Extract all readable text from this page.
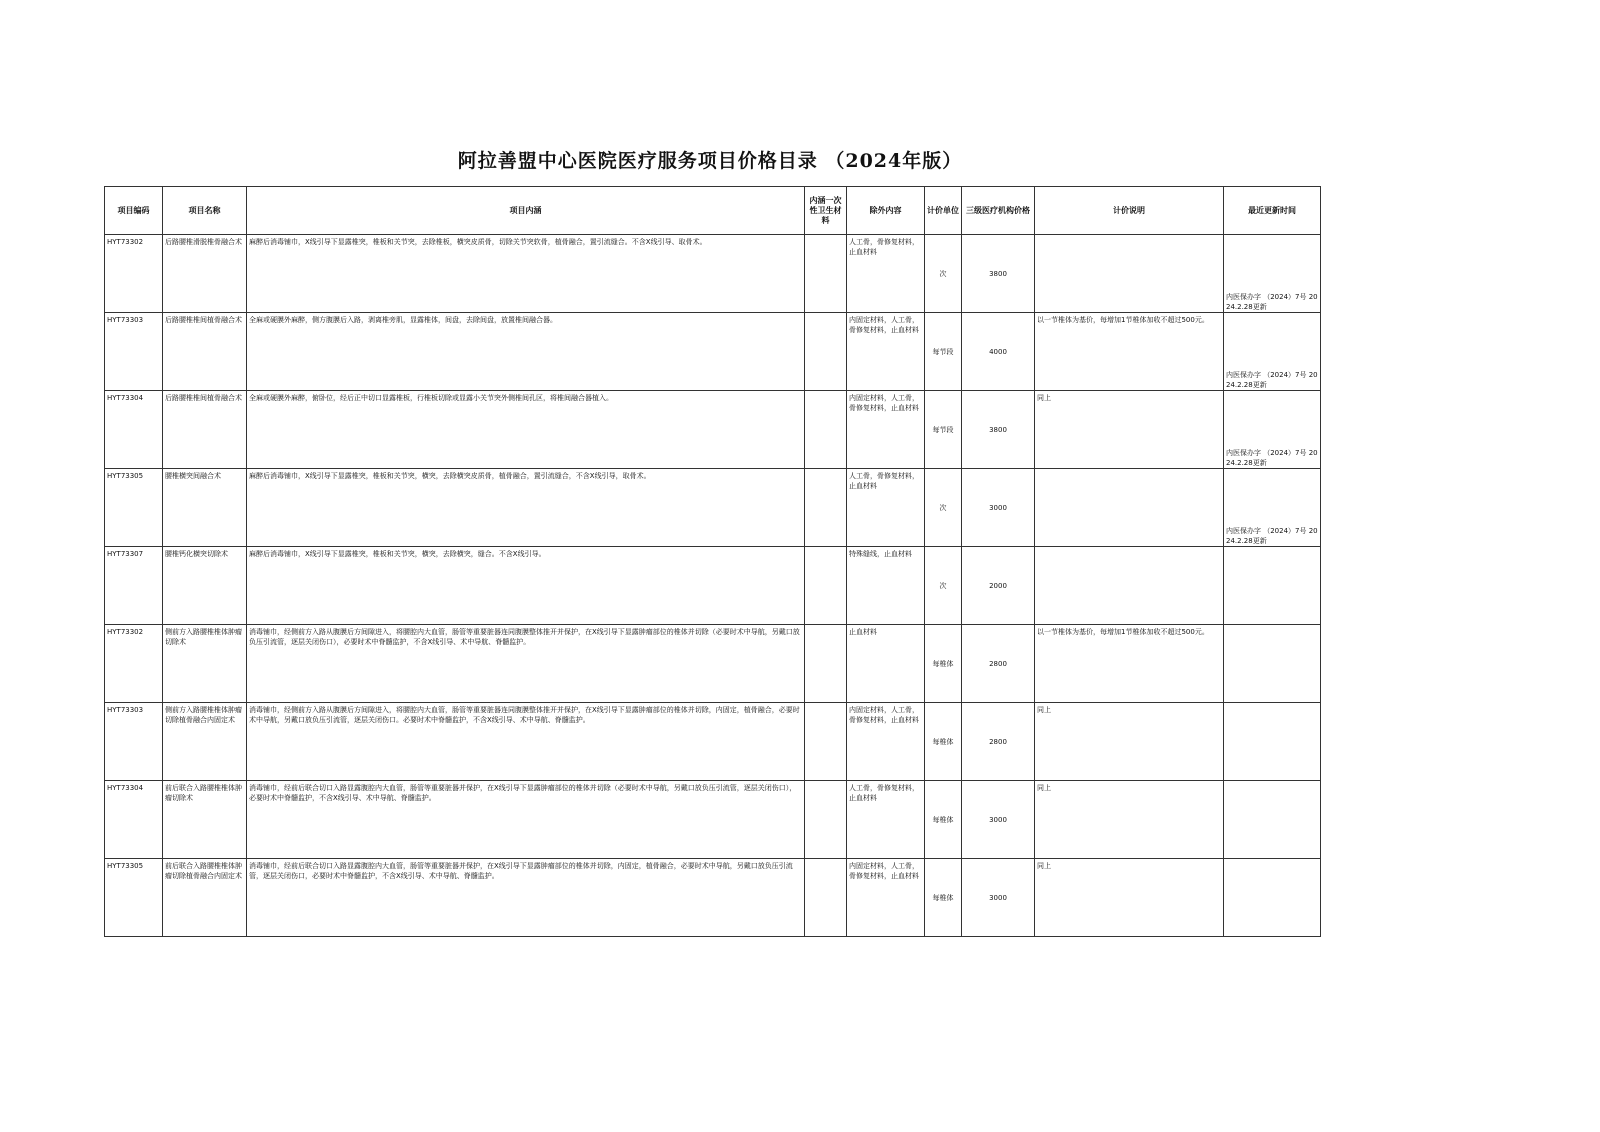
阿拉善盟中心医院医疗服务项目价格目录 （2024年版）
项目编码	项目名称	项目内涵	内涵一次性卫生材料	除外内容	计价单位	三级医疗机构价格	计价说明	最近更新时间
HYT73302	后路腰椎滑脱椎骨融合术	麻醉后消毒铺巾，X线引导下显露椎突，椎板和关节突，去除椎板，横突皮质骨，切除关节突软骨，植骨融合，置引流缝合。不含X线引导、取骨术。		人工骨，骨修复材料，止血材料	次	3800		内医保办字 （2024）7号 2024.2.28更新
HYT73303	后路腰椎椎间植骨融合术	全麻或硬膜外麻醉，侧方腹膜后入路，剥离椎旁肌，显露椎体，间盘，去除间盘，放置椎间融合器。		内固定材料，人工骨，骨修复材料，止血材料	每节段	4000	以一节椎体为基价，每增加1节椎体加收不超过500元。	内医保办字 （2024）7号 2024.2.28更新
HYT73304	后路腰椎椎间植骨融合术	全麻或硬膜外麻醉，俯卧位，经后正中切口显露椎板，行椎板切除或显露小关节突外侧椎间孔区，将椎间融合器植入。		内固定材料，人工骨，骨修复材料，止血材料	每节段	3800	同上	内医保办字 （2024）7号 2024.2.28更新
HYT73305	腰椎横突间融合术	麻醉后消毒铺巾，X线引导下显露椎突，椎板和关节突，横突，去除横突皮质骨，植骨融合，置引流缝合，不含X线引导，取骨术。		人工骨，骨修复材料，止血材料	次	3000		内医保办字 （2024）7号 2024.2.28更新
HYT73307	腰椎钙化横突切除术	麻醉后消毒铺巾，X线引导下显露椎突，椎板和关节突，横突，去除横突，缝合。不含X线引导。		特殊缝线，止血材料	次	2000		
HYT73302	侧前方入路腰椎椎体肿瘤切除术	消毒铺巾，经侧前方入路从腹膜后方间隙进入，将腰腔内大血管，肠管等重要脏器连同腹膜整体推开并保护，在X线引导下显露肿瘤部位的椎体并切除（必要时术中导航，另戴口放负压引流管，逐层关闭伤口），必要时术中脊髓监护，不含X线引导、术中导航、脊髓监护。		止血材料	每椎体	2800	以一节椎体为基价，每增加1节椎体加收不超过500元。	
HYT73303	侧前方入路腰椎椎体肿瘤切除植骨融合内固定术	消毒铺巾，经侧前方入路从腹膜后方间隙进入，将腰腔内大血管，肠管等重要脏器连同腹膜整体推开并保护，在X线引导下显露肿瘤部位的椎体并切除，内固定，植骨融合，必要时术中导航，另戴口放负压引流管，逐层关闭伤口。必要时术中脊髓监护，不含X线引导、术中导航、脊髓监护。		内固定材料，人工骨，骨修复材料，止血材料	每椎体	2800	同上	
HYT73304	前后联合入路腰椎椎体肿瘤切除术	消毒铺巾，经前后联合切口入路显露腹腔内大血管，肠管等重要脏器并保护，在X线引导下显露肿瘤部位的椎体并切除（必要时术中导航，另戴口放负压引流管，逐层关闭伤口），必要时术中脊髓监护，不含X线引导、术中导航、脊髓监护。		人工骨，骨修复材料，止血材料	每椎体	3000	同上	
HYT73305	前后联合入路腰椎椎体肿瘤切除植骨融合内固定术	消毒铺巾，经前后联合切口入路显露腹腔内大血管，肠管等重要脏器并保护，在X线引导下显露肿瘤部位的椎体并切除，内固定，植骨融合，必要时术中导航，另戴口放负压引流管，逐层关闭伤口，必要时术中脊髓监护，不含X线引导、术中导航、脊髓监护。		内固定材料，人工骨，骨修复材料，止血材料	每椎体	3000	同上	
